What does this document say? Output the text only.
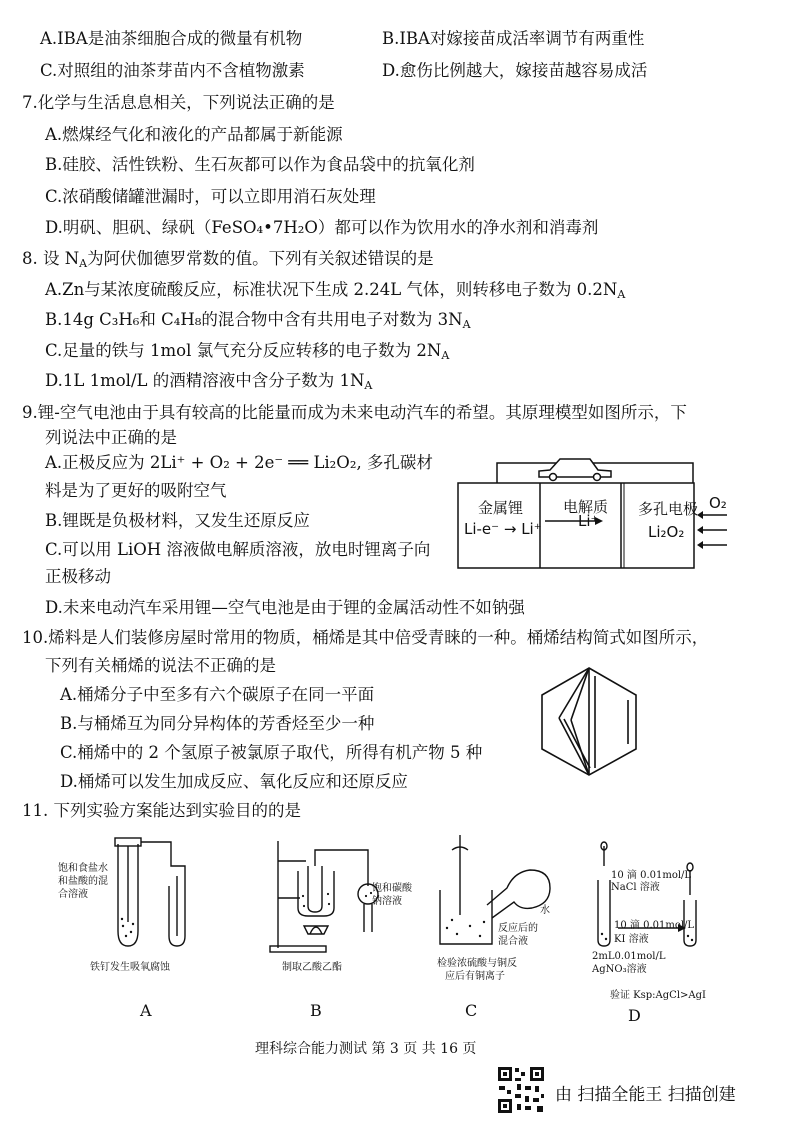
A.IBA是油茶细胞合成的微量有机物	B.IBA对嫁接苗成活率调节有两重性
C.对照组的油茶芽苗内不含植物激素	D.愈伤比例越大，嫁接苗越容易成活
7.化学与生活息息相关，下列说法正确的是
A.燃煤经气化和液化的产品都属于新能源
B.硅胶、活性铁粉、生石灰都可以作为食品袋中的抗氧化剂
C.浓硝酸储罐泄漏时，可以立即用消石灰处理
D.明矾、胆矾、绿矾（FeSO₄•7H₂O）都可以作为饮用水的净水剂和消毒剂
8. 设 $N_A$为阿伏伽德罗常数的值。下列有关叙述错误的是
A.Zn与某浓度硫酸反应，标准状况下生成 2.24L 气体，则转移电子数为 $0.2N_A$
B.14g C₃H₆和 C₄H₈的混合物中含有共用电子对数为 $3N_A$
C.足量的铁与 1mol 氯气充分反应转移的电子数为 $2N_A$
D.1L 1mol/L 的酒精溶液中含分子数为 $1N_A$
9.锂-空气电池由于具有较高的比能量而成为未来电动汽车的希望。其原理模型如图所示，下
列说法中正确的是
A.正极反应为 2Li⁺ + O₂ + 2e⁻ ══ Li₂O₂, 多孔碳材
料是为了更好的吸附空气
B.锂既是负极材料，又发生还原反应
C.可以用 LiOH 溶液做电解质溶液，放电时锂离子向
正极移动
D.未来电动汽车采用锂—空气电池是由于锂的金属活动性不如钠强
金属锂
Li-e⁻ → Li⁺
电解质
Li⁺
多孔电极
Li₂O₂
O₂
10.烯料是人们装修房屋时常用的物质，桶烯是其中倍受青睐的一种。桶烯结构简式如图所示，
下列有关桶烯的说法不正确的是
A.桶烯分子中至多有六个碳原子在同一平面
B.与桶烯互为同分异构体的芳香烃至少一种
C.桶烯中的 2 个氢原子被氯原子取代，所得有机产物 5 种
D.桶烯可以发生加成反应、氧化反应和还原反应
11. 下列实验方案能达到实验目的的是
饱和食盐水
和盐酸的混
合溶液
铁钉发生吸氧腐蚀
A
饱和碳酸
钠溶液
制取乙酸乙酯
B
水
反应后的
混合液
检验浓硫酸与铜反
应后有铜离子
C
10 滴 0.01mol/L
NaCl 溶液
10 滴 0.01mol/L
KI 溶液
2mL0.01mol/L
AgNO₃溶液
验证 Ksp:AgCl>AgI
D
理科综合能力测试 第 3 页 共 16 页
由 扫描全能王 扫描创建
